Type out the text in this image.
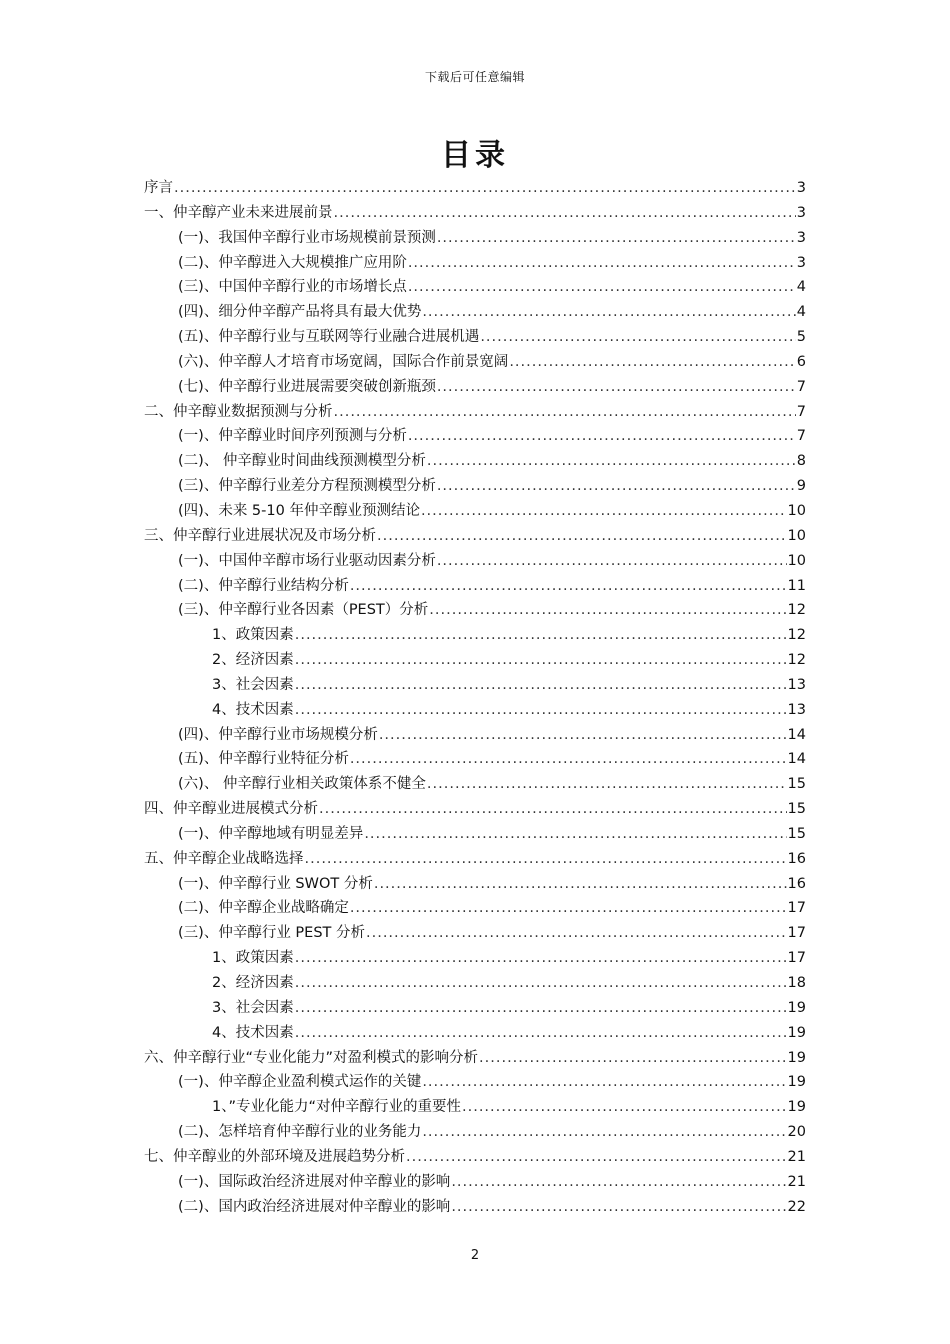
下载后可任意编辑
目录
序言 .....	3
一、仲辛醇产业未来进展前景 .....	3
(一)、我国仲辛醇行业市场规模前景预测 .....	3
(二)、仲辛醇进入大规模推广应用阶 .....	3
(三)、中国仲辛醇行业的市场增长点 .....	4
(四)、细分仲辛醇产品将具有最大优势 .....	4
(五)、仲辛醇行业与互联网等行业融合进展机遇 .....	5
(六)、仲辛醇人才培育市场宽阔，国际合作前景宽阔 .....	6
(七)、仲辛醇行业进展需要突破创新瓶颈 .....	7
二、仲辛醇业数据预测与分析 .....	7
(一)、仲辛醇业时间序列预测与分析 .....	7
(二)、 仲辛醇业时间曲线预测模型分析 .....	8
(三)、仲辛醇行业差分方程预测模型分析 .....	9
(四)、未来 5-10 年仲辛醇业预测结论 .....	10
三、仲辛醇行业进展状况及市场分析 .....	10
(一)、中国仲辛醇市场行业驱动因素分析 .....	10
(二)、仲辛醇行业结构分析 .....	11
(三)、仲辛醇行业各因素（PEST）分析 .....	12
1、政策因素 .....	12
2、经济因素 .....	12
3、社会因素 .....	13
4、技术因素 .....	13
(四)、仲辛醇行业市场规模分析 .....	14
(五)、仲辛醇行业特征分析 .....	14
(六)、 仲辛醇行业相关政策体系不健全 .....	15
四、仲辛醇业进展模式分析 .....	15
(一)、仲辛醇地域有明显差异 .....	15
五、仲辛醇企业战略选择 .....	16
(一)、仲辛醇行业 SWOT 分析 .....	16
(二)、仲辛醇企业战略确定 .....	17
(三)、仲辛醇行业 PEST 分析 .....	17
1、政策因素 .....	17
2、经济因素 .....	18
3、社会因素 .....	19
4、技术因素 .....	19
六、仲辛醇行业“专业化能力”对盈利模式的影响分析 .....	19
(一)、仲辛醇企业盈利模式运作的关键 .....	19
1、”专业化能力“对仲辛醇行业的重要性 .....	19
(二)、怎样培育仲辛醇行业的业务能力 .....	20
七、仲辛醇业的外部环境及进展趋势分析 .....	21
(一)、国际政治经济进展对仲辛醇业的影响 .....	21
(二)、国内政治经济进展对仲辛醇业的影响 .....	22
2
